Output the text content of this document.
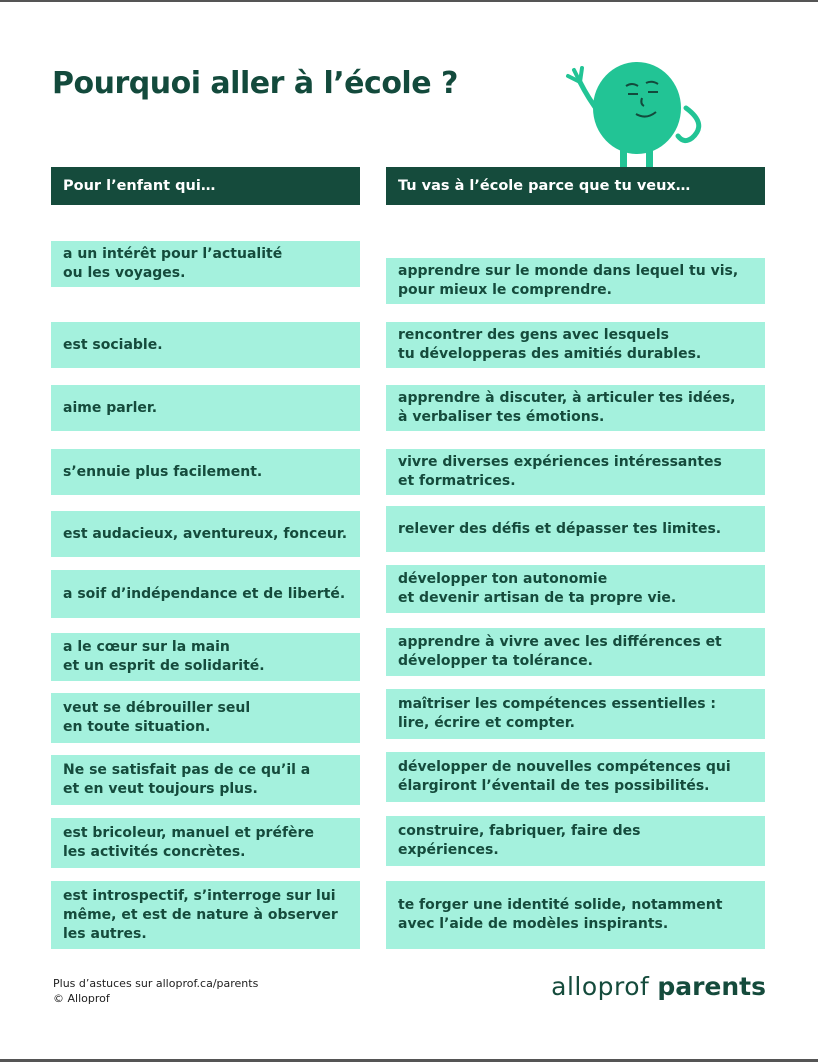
Pourquoi aller à l’école ?
Pour l’enfant qui…
a un intérêt pour l’actualité
ou les voyages.
est sociable.
aime parler.
s’ennuie plus facilement.
est audacieux, aventureux, fonceur.
a soif d’indépendance et de liberté.
a le cœur sur la main
et un esprit de solidarité.
veut se débrouiller seul
en toute situation.
Ne se satisfait pas de ce qu’il a
et en veut toujours plus.
est bricoleur, manuel et préfère
les activités concrètes.
est introspectif, s’interroge sur lui
même, et est de nature à observer
les autres.
Tu vas à l’école parce que tu veux…
apprendre sur le monde dans lequel tu vis,
pour mieux le comprendre.
rencontrer des gens avec lesquels
tu développeras des amitiés durables.
apprendre à discuter, à articuler tes idées,
à verbaliser tes émotions.
vivre diverses expériences intéressantes
et formatrices.
relever des défis et dépasser tes limites.
développer ton autonomie
et devenir artisan de ta propre vie.
apprendre à vivre avec les différences et
développer ta tolérance.
maîtriser les compétences essentielles :
lire, écrire et compter.
développer de nouvelles compétences qui
élargiront l’éventail de tes possibilités.
construire, fabriquer, faire des
expériences.
te forger une identité solide, notamment
avec l’aide de modèles inspirants.
Plus d’astuces sur alloprof.ca/parents
© Alloprof	alloprof parents
